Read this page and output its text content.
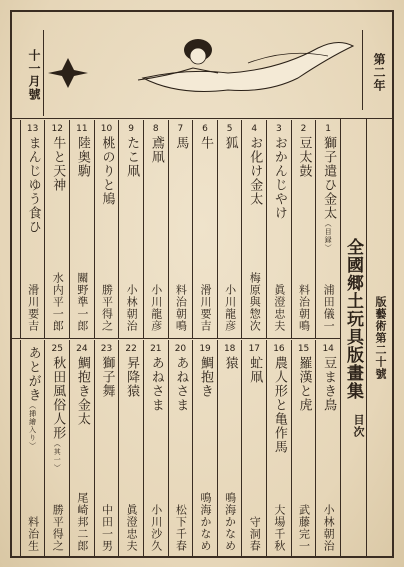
十一月號	第二年
版藝術第二十號
全國郷土玩具版畫集
目次
1
獅子遣ひ金太（目録）
浦田儀一
2
豆太鼓
料治朝鳴
3
おかんじやけ
眞澄忠夫
4
お化け金太
梅原與惣次
5
狐
小川龍彦
6
牛
滑川要吉
7
馬
料治朝鳴
8
鳶凧
小川龍彦
9
たこ凧
小林朝治
10
桃のりと鳩
勝平得之
11
陸奥駒
關野準一郎
12
牛と天神
水内平一郎
13
まんじゆう食ひ
滑川要吉
14
豆まき鳥
小林朝治
15
羅漢と虎
武藤完一
16
農人形と亀作馬
大場千秋
17
虻凧
守洞春
18
猿
鳴海かなめ
19
鯛抱き
鳴海かなめ
20
あねさま
松下千春
21
あねさま
小川沙久
22
昇降猿
眞澄忠夫
23
獅子舞
中田一男
24
鯛抱き金太
尾崎邦二郎
25
秋田風俗人形（其一）
勝平得之
あとがき（挿繪入り）
料治生
